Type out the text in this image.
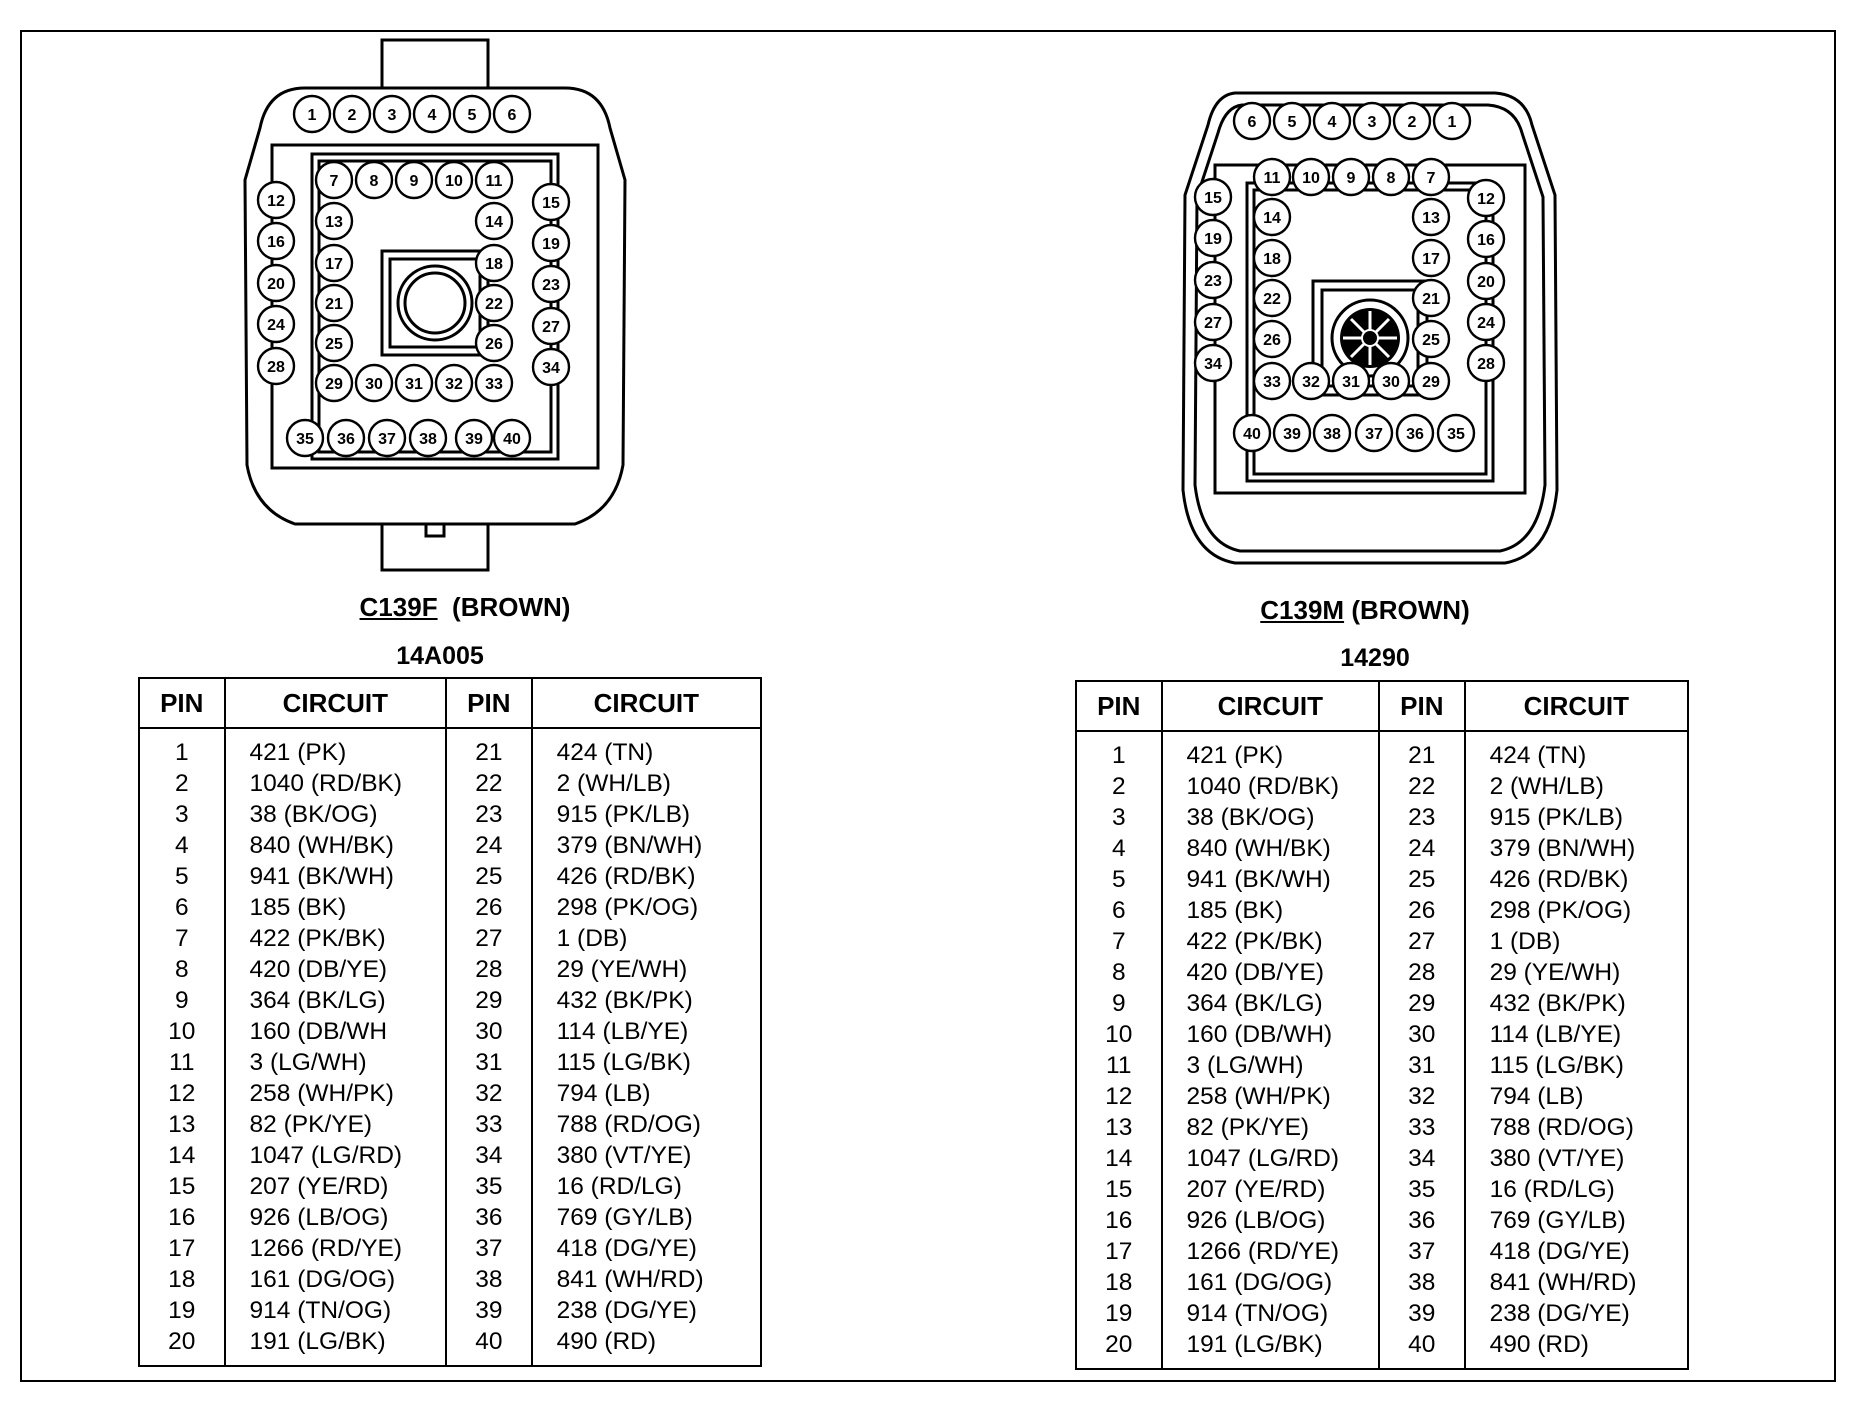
1 2 3 4 5 6
7 8 9 10 11
13	14
17	18
21	22
25	26
29 30 31 32 33
12
16
20
24
28
15
19
23
27
34
35 36 37 38 39 40
6 5 4 3 2 1
11 10 9 8 7
14	13
18	17
22	21
26	25
33 32 31 30 29
15
19
23
27
34
12
16
20
24
28
40 39 38 37 36 35
C139F (BROWN)
14A005
C139M (BROWN)
14290
PIN	CIRCUIT	PIN	CIRCUIT
1	421 (PK)	21	424 (TN)
2	1040 (RD/BK)	22	2 (WH/LB)
3	38 (BK/OG)	23	915 (PK/LB)
4	840 (WH/BK)	24	379 (BN/WH)
5	941 (BK/WH)	25	426 (RD/BK)
6	185 (BK)	26	298 (PK/OG)
7	422 (PK/BK)	27	1 (DB)
8	420 (DB/YE)	28	29 (YE/WH)
9	364 (BK/LG)	29	432 (BK/PK)
10	160 (DB/WH	30	114 (LB/YE)
11	3 (LG/WH)	31	115 (LG/BK)
12	258 (WH/PK)	32	794 (LB)
13	82 (PK/YE)	33	788 (RD/OG)
14	1047 (LG/RD)	34	380 (VT/YE)
15	207 (YE/RD)	35	16 (RD/LG)
16	926 (LB/OG)	36	769 (GY/LB)
17	1266 (RD/YE)	37	418 (DG/YE)
18	161 (DG/OG)	38	841 (WH/RD)
19	914 (TN/OG)	39	238 (DG/YE)
20	191 (LG/BK)	40	490 (RD)
PIN	CIRCUIT	PIN	CIRCUIT
1	421 (PK)	21	424 (TN)
2	1040 (RD/BK)	22	2 (WH/LB)
3	38 (BK/OG)	23	915 (PK/LB)
4	840 (WH/BK)	24	379 (BN/WH)
5	941 (BK/WH)	25	426 (RD/BK)
6	185 (BK)	26	298 (PK/OG)
7	422 (PK/BK)	27	1 (DB)
8	420 (DB/YE)	28	29 (YE/WH)
9	364 (BK/LG)	29	432 (BK/PK)
10	160 (DB/WH)	30	114 (LB/YE)
11	3 (LG/WH)	31	115 (LG/BK)
12	258 (WH/PK)	32	794 (LB)
13	82 (PK/YE)	33	788 (RD/OG)
14	1047 (LG/RD)	34	380 (VT/YE)
15	207 (YE/RD)	35	16 (RD/LG)
16	926 (LB/OG)	36	769 (GY/LB)
17	1266 (RD/YE)	37	418 (DG/YE)
18	161 (DG/OG)	38	841 (WH/RD)
19	914 (TN/OG)	39	238 (DG/YE)
20	191 (LG/BK)	40	490 (RD)
